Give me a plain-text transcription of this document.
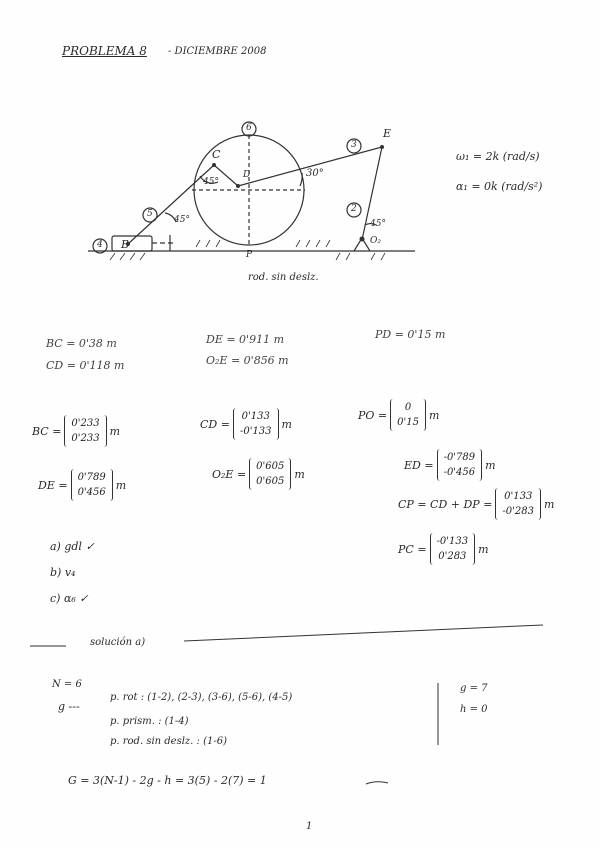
PROBLEMA 8 - DICIEMBRE 2008
C
D
E
B	O₂
P
6
3
5	2
4
45°
30°
45°	45°
rod. sin deslz.
ω₁ = 2k (rad/s)
α₁ = 0k (rad/s²)
BC = 0'38 m
CD = 0'118 m
DE = 0'911 m
O₂E = 0'856 m
PD = 0'15 m
BC =
0'233
0'233
m
CD =
0'133
-0'133
m
PO =
0
0'15
m
DE =
0'789
0'456
m
O₂E =
0'605
0'605
m
ED =
-0'789
-0'456
m
CP = CD + DP =
0'133
-0'283
m
PC =
-0'133
0'283
m
a) gdl ✓
b) v₄
c) α₆ ✓
solución a)
N = 6
g ---
p. rot : (1-2), (2-3), (3-6), (5-6), (4-5)
p. prism. : (1-4)
p. rod. sin deslz. : (1-6)
g = 7
h = 0
G = 3(N-1) - 2g - h = 3(5) - 2(7) = 1
1
